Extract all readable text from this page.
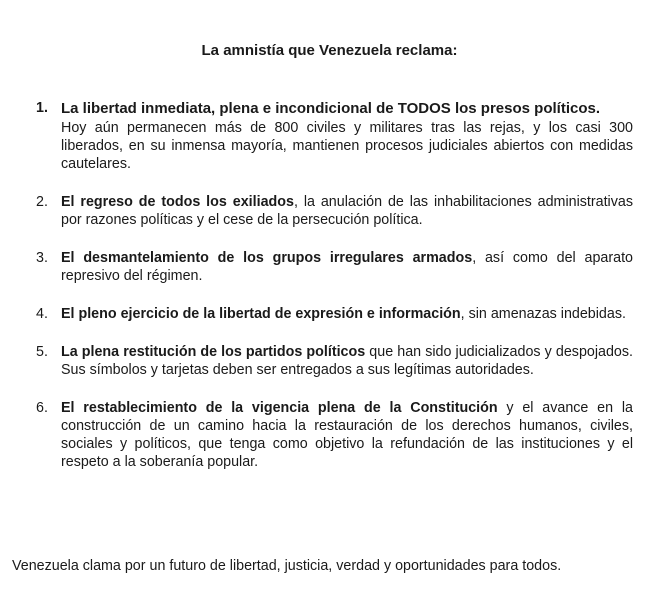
La amnistía que Venezuela reclama:
1. La libertad inmediata, plena e incondicional de TODOS los presos políticos.
Hoy aún permanecen más de 800 civiles y militares tras las rejas, y los casi 300 liberados, en su inmensa mayoría, mantienen procesos judiciales abiertos con medidas cautelares.
2. El regreso de todos los exiliados, la anulación de las inhabilitaciones administrativas por razones políticas y el cese de la persecución política.
3. El desmantelamiento de los grupos irregulares armados, así como del aparato represivo del régimen.
4. El pleno ejercicio de la libertad de expresión e información, sin amenazas indebidas.
5. La plena restitución de los partidos políticos que han sido judicializados y despojados. Sus símbolos y tarjetas deben ser entregados a sus legítimas autoridades.
6. El restablecimiento de la vigencia plena de la Constitución y el avance en la construcción de un camino hacia la restauración de los derechos humanos, civiles, sociales y políticos, que tenga como objetivo la refundación de las instituciones y el respeto a la soberanía popular.
Venezuela clama por un futuro de libertad, justicia, verdad y oportunidades para todos.
